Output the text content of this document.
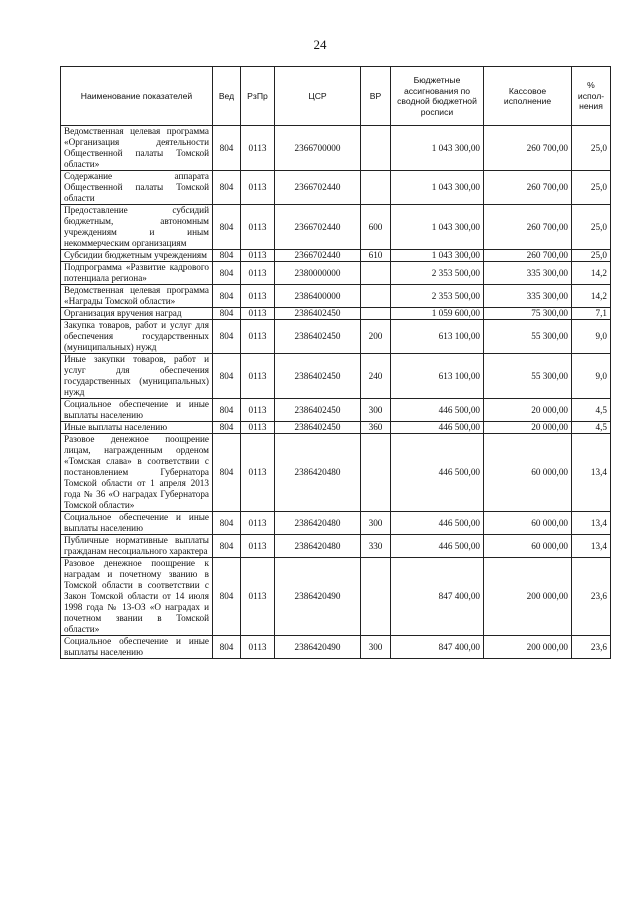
24
Наименование показателей	Вед	РзПр	ЦСР	ВР	Бюджетные ассигнования по сводной бюджетной росписи	Кассовое исполнение	% испол-нения
Ведомственная целевая программа «Организация деятельности Общественной палаты Томской области»	804	0113	2366700000		1 043 300,00	260 700,00	25,0
Содержание аппарата Общественной палаты Томской области	804	0113	2366702440		1 043 300,00	260 700,00	25,0
Предоставление субсидий бюджетным, автономным учреждениям и иным некоммерческим организациям	804	0113	2366702440	600	1 043 300,00	260 700,00	25,0
Субсидии бюджетным учреждениям	804	0113	2366702440	610	1 043 300,00	260 700,00	25,0
Подпрограмма «Развитие кадрового потенциала региона»	804	0113	2380000000		2 353 500,00	335 300,00	14,2
Ведомственная целевая программа «Награды Томской области»	804	0113	2386400000		2 353 500,00	335 300,00	14,2
Организация вручения наград	804	0113	2386402450		1 059 600,00	75 300,00	7,1
Закупка товаров, работ и услуг для обеспечения государственных (муниципальных) нужд	804	0113	2386402450	200	613 100,00	55 300,00	9,0
Иные закупки товаров, работ и услуг для обеспечения государственных (муниципальных) нужд	804	0113	2386402450	240	613 100,00	55 300,00	9,0
Социальное обеспечение и иные выплаты населению	804	0113	2386402450	300	446 500,00	20 000,00	4,5
Иные выплаты населению	804	0113	2386402450	360	446 500,00	20 000,00	4,5
Разовое денежное поощрение лицам, награжденным орденом «Томская слава» в соответствии с постановлением Губернатора Томской области от 1 апреля 2013 года № 36 «О наградах Губернатора Томской области»	804	0113	2386420480		446 500,00	60 000,00	13,4
Социальное обеспечение и иные выплаты населению	804	0113	2386420480	300	446 500,00	60 000,00	13,4
Публичные нормативные выплаты гражданам несоциального характера	804	0113	2386420480	330	446 500,00	60 000,00	13,4
Разовое денежное поощрение к наградам и почетному званию в Томской области в соответствии с Закон Томской области от 14 июля 1998 года № 13-ОЗ «О наградах и почетном звании в Томской области»	804	0113	2386420490		847 400,00	200 000,00	23,6
Социальное обеспечение и иные выплаты населению	804	0113	2386420490	300	847 400,00	200 000,00	23,6
